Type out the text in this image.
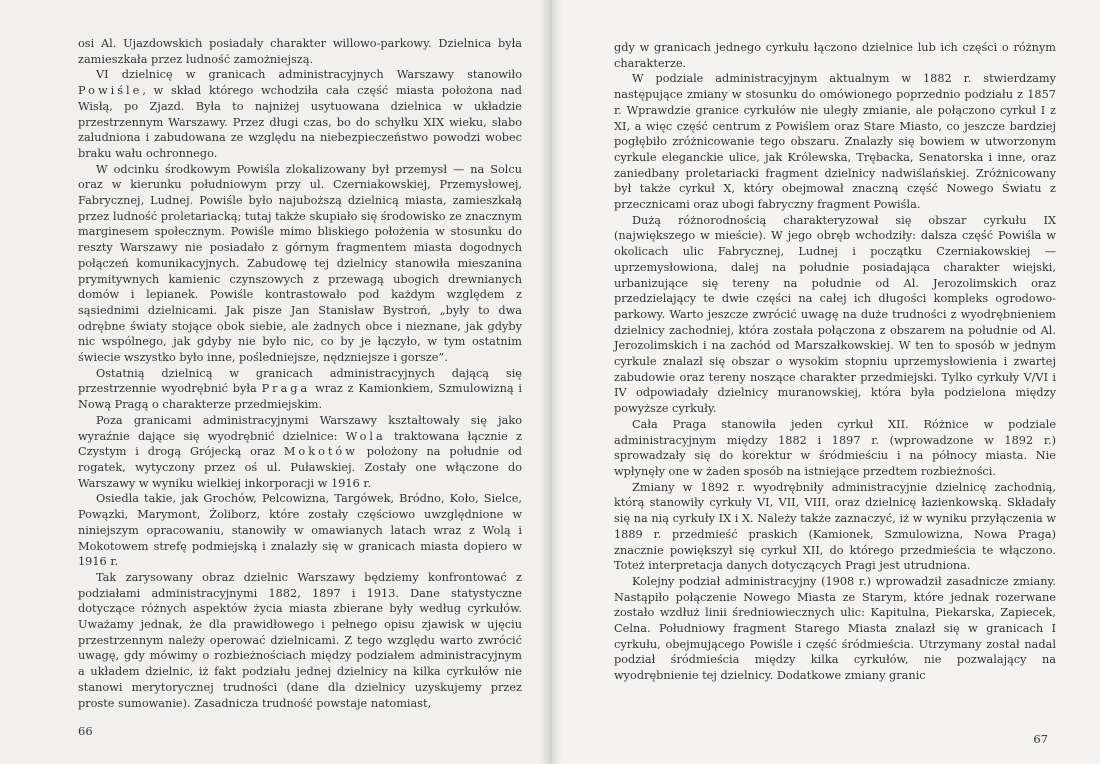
osi Al. Ujazdowskich posiadały charakter willowo-parkowy. Dzielnica była zamieszkała przez ludność zamożniejszą.

VI dzielnicę w granicach administracyjnych Warszawy stanowiło Powiśle, w skład którego wchodziła cała część miasta położona nad Wisłą, po Zjazd. Była to najniżej usytuowana dzielnica w układzie przestrzennym Warszawy. Przez długi czas, bo do schyłku XIX wieku, słabo zaludniona i zabudowana ze względu na niebezpieczeństwo powodzi wobec braku wału ochronnego.

W odcinku środkowym Powiśla zlokalizowany był przemysł — na Solcu oraz w kierunku południowym przy ul. Czerniakowskiej, Przemysłowej, Fabrycznej, Ludnej. Powiśle było najuboższą dzielnicą miasta, zamieszkałą przez ludność proletariacką; tutaj także skupiało się środowisko ze znacznym marginesem społecznym. Powiśle mimo bliskiego położenia w stosunku do reszty Warszawy nie posiadało z górnym fragmentem miasta dogodnych połączeń komunikacyjnych. Zabudowę tej dzielnicy stanowiła mieszanina prymitywnych kamienic czynszowych z przewagą ubogich drewnianych domów i lepianek. Powiśle kontrastowało pod każdym względem z sąsiednimi dzielnicami. Jak pisze Jan Stanisław Bystroń, „były to dwa odrębne światy stojące obok siebie, ale żadnych obce i nieznane, jak gdyby nic wspólnego, jak gdyby nie było nic, co by je łączyło, w tym ostatnim świecie wszystko było inne, pośledniejsze, nędzniejsze i gorsze”.

Ostatnią dzielnicą w granicach administracyjnych dającą się przestrzennie wyodrębnić była Praga wraz z Kamionkiem, Szmulowizną i Nową Pragą o charakterze przedmiejskim.

Poza granicami administracyjnymi Warszawy kształtowały się jako wyraźnie dające się wyodrębnić dzielnice: Wola traktowana łącznie z Czystym i drogą Grójecką oraz Mokotów położony na południe od rogatek, wytyczony przez oś ul. Puławskiej. Zostały one włączone do Warszawy w wyniku wielkiej inkorporacji w 1916 r.

Osiedla takie, jak Grochów, Pelcowizna, Targówek, Bródno, Koło, Sielce, Powązki, Marymont, Żoliborz, które zostały częściowo uwzględnione w niniejszym opracowaniu, stanowiły w omawianych latach wraz z Wolą i Mokotowem strefę podmiejską i znalazły się w granicach miasta dopiero w 1916 r.

Tak zarysowany obraz dzielnic Warszawy będziemy konfrontować z podziałami administracyjnymi 1882, 1897 i 1913. Dane statystyczne dotyczące różnych aspektów życia miasta zbierane były według cyrkułów. Uważamy jednak, że dla prawidłowego i pełnego opisu zjawisk w ujęciu przestrzennym należy operować dzielnicami. Z tego względu warto zwrócić uwagę, gdy mówimy o rozbieżnościach między podziałem administracyjnym a układem dzielnic, iż fakt podziału jednej dzielnicy na kilka cyrkułów nie stanowi merytorycznej trudności (dane dla dzielnicy uzyskujemy przez proste sumowanie). Zasadnicza trudność powstaje natomiast,

66

gdy w granicach jednego cyrkułu łączono dzielnice lub ich części o różnym charakterze.

W podziale administracyjnym aktualnym w 1882 r. stwierdzamy następujące zmiany w stosunku do omówionego poprzednio podziału z 1857 r. Wprawdzie granice cyrkułów nie uległy zmianie, ale połączono cyrkuł I z XI, a więc część centrum z Powiślem oraz Stare Miasto, co jeszcze bardziej pogłębiło zróżnicowanie tego obszaru. Znalazły się bowiem w utworzonym cyrkule eleganckie ulice, jak Królewska, Trębacka, Senatorska i inne, oraz zaniedbany proletariacki fragment dzielnicy nadwiślańskiej. Zróżnicowany był także cyrkuł X, który obejmował znaczną część Nowego Światu z przecznicami oraz ubogi fabryczny fragment Powiśla.

Dużą różnorodnością charakteryzował się obszar cyrkułu IX (największego w mieście). W jego obręb wchodziły: dalsza część Powiśla w okolicach ulic Fabrycznej, Ludnej i początku Czerniakowskiej — uprzemysłowiona, dalej na południe posiadająca charakter wiejski, urbanizujące się tereny na południe od Al. Jerozolimskich oraz przedzielający te dwie części na całej ich długości kompleks ogrodowo-parkowy. Warto jeszcze zwrócić uwagę na duże trudności z wyodrębnieniem dzielnicy zachodniej, która została połączona z obszarem na południe od Al. Jerozolimskich i na zachód od Marszałkowskiej. W ten to sposób w jednym cyrkule znalazł się obszar o wysokim stopniu uprzemysłowienia i zwartej zabudowie oraz tereny noszące charakter przedmiejski. Tylko cyrkuły V/VI i IV odpowiadały dzielnicy muranowskiej, która była podzielona między powyższe cyrkuły.

Cała Praga stanowiła jeden cyrkuł XII. Różnice w podziale administracyjnym między 1882 i 1897 r. (wprowadzone w 1892 r.) sprowadzały się do korektur w śródmieściu i na północy miasta. Nie wpłynęły one w żaden sposób na istniejące przedtem rozbieżności.

Zmiany w 1892 r. wyodrębniły administracyjnie dzielnicę zachodnią, którą stanowiły cyrkuły VI, VII, VIII, oraz dzielnicę łazienkowską. Składały się na nią cyrkuły IX i X. Należy także zaznaczyć, iż w wyniku przyłączenia w 1889 r. przedmieść praskich (Kamionek, Szmulowizna, Nowa Praga) znacznie powiększył się cyrkuł XII, do którego przedmieścia te włączono. Toteż interpretacja danych dotyczących Pragi jest utrudniona.

Kolejny podział administracyjny (1908 r.) wprowadził zasadnicze zmiany. Nastąpiło połączenie Nowego Miasta ze Starym, które jednak rozerwane zostało wzdłuż linii średniowiecznych ulic: Kapitulna, Piekarska, Zapiecek, Celna. Południowy fragment Starego Miasta znalazł się w granicach I cyrkułu, obejmującego Powiśle i część śródmieścia. Utrzymany został nadal podział śródmieścia między kilka cyrkułów, nie pozwalający na wyodrębnienie tej dzielnicy. Dodatkowe zmiany granic

67
